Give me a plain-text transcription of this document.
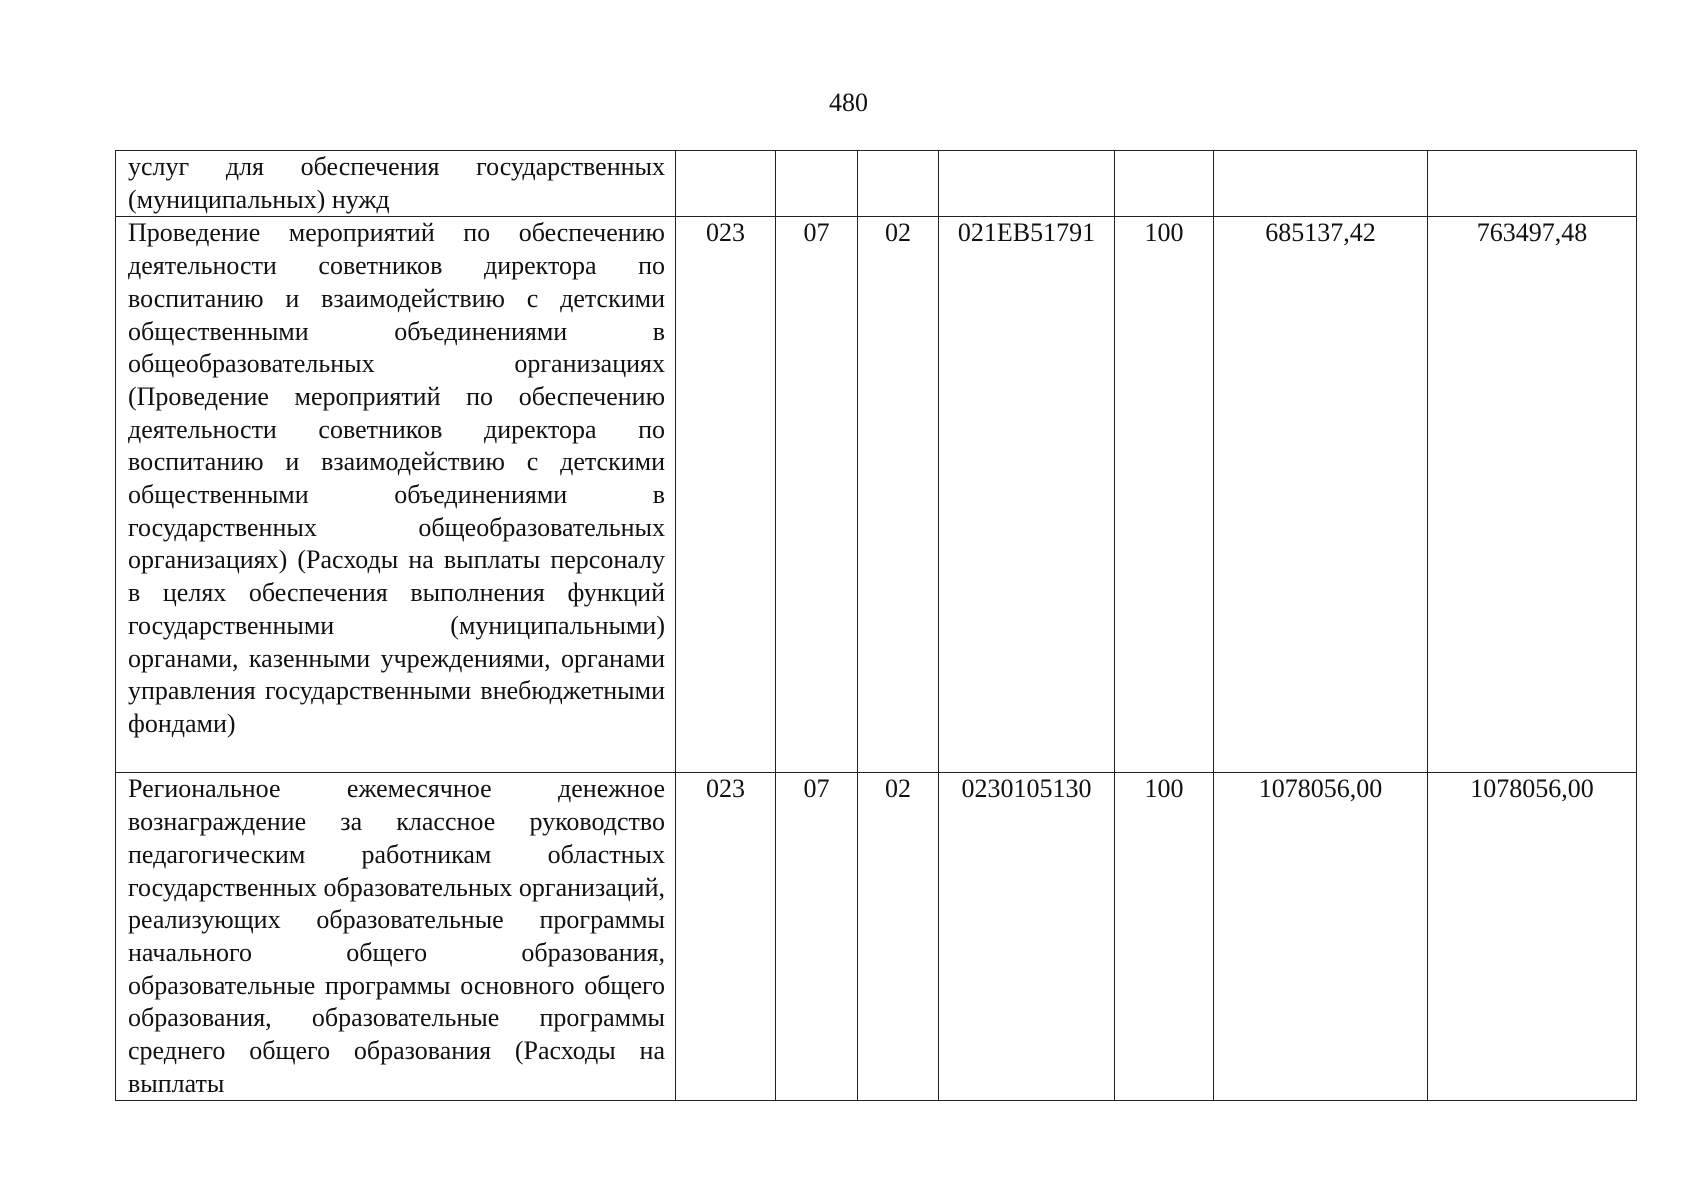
480
услуг для обеспечения государственных (муниципальных) нужд							

Проведение мероприятий по обеспечению деятельности советников директора по воспитанию и взаимодействию с детскими общественными объединениями в общеобразовательных организациях (Проведение мероприятий по обеспечению деятельности советников директора по воспитанию и взаимодействию с детскими общественными объединениями в государственных общеобразовательных организациях) (Расходы на выплаты персоналу в целях обеспечения выполнения функций государственными (муниципальными) органами, казенными учреждениями, органами управления государственными внебюджетными фондами)	023	07	02	021EB51791	100	685137,42	763497,48

Региональное ежемесячное денежное вознаграждение за классное руководство педагогическим работникам областных государственных образовательных организаций, реализующих образовательные программы начального общего образования, образовательные программы основного общего образования, образовательные программы среднего общего образования (Расходы на выплаты	023	07	02	0230105130	100	1078056,00	1078056,00
